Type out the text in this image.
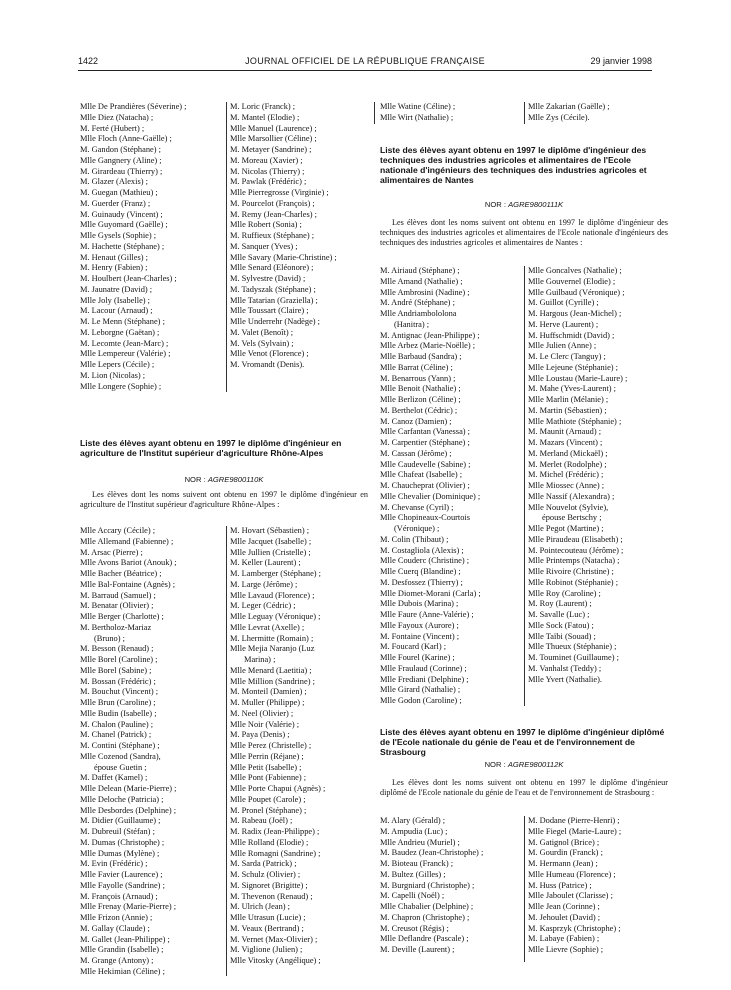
1422	JOURNAL OFFICIEL DE LA RÉPUBLIQUE FRANÇAISE	29 janvier 1998
Mlle De Prandières (Séverine) ;
Mlle Diez (Natacha) ;
M. Ferté (Hubert) ;
Mlle Floch (Anne-Gaëlle) ;
M. Gandon (Stéphane) ;
Mlle Gangnery (Aline) ;
M. Girardeau (Thierry) ;
M. Glazer (Alexis) ;
M. Guegan (Mathieu) ;
M. Guerder (Franz) ;
M. Guinaudy (Vincent) ;
Mlle Guyomard (Gaëlle) ;
Mlle Gysels (Sophie) ;
M. Hachette (Stéphane) ;
M. Henaut (Gilles) ;
M. Henry (Fabien) ;
M. Houlbert (Jean-Charles) ;
M. Jaunatre (David) ;
Mlle Joly (Isabelle) ;
M. Lacour (Arnaud) ;
M. Le Menn (Stéphane) ;
M. Leborgne (Gaëtan) ;
M. Lecomte (Jean-Marc) ;
Mlle Lempereur (Valérie) ;
Mlle Lepers (Cécile) ;
M. Lion (Nicolas) ;
Mlle Longere (Sophie) ;
M. Loric (Franck) ;
M. Mantel (Elodie) ;
Mlle Manuel (Laurence) ;
Mlle Marsollier (Céline) ;
M. Metayer (Sandrine) ;
M. Moreau (Xavier) ;
M. Nicolas (Thierry) ;
M. Pawlak (Frédéric) ;
Mlle Pierregrosse (Virginie) ;
M. Pourcelot (François) ;
M. Remy (Jean-Charles) ;
Mlle Robert (Sonia) ;
M. Ruffieux (Stéphane) ;
M. Sanquer (Yves) ;
Mlle Savary (Marie-Christine) ;
Mlle Senard (Eléonore) ;
M. Sylvestre (David) ;
M. Tadyszak (Stéphane) ;
Mlle Tatarian (Graziella) ;
Mlle Toussart (Claire) ;
Mlle Underrehr (Nadège) ;
M. Valet (Benoît) ;
M. Vels (Sylvain) ;
Mlle Venot (Florence) ;
M. Vromandt (Denis).
Mlle Watine (Céline) ;
Mlle Wirt (Nathalie) ;
Mlle Zakarian (Gaëlle) ;
Mlle Zys (Cécile).
Liste des élèves ayant obtenu en 1997 le diplôme d'ingénieur en agriculture de l'Institut supérieur d'agriculture Rhône-Alpes
NOR : AGRE9800110K
Les élèves dont les noms suivent ont obtenu en 1997 le diplôme d'ingénieur en agriculture de l'Institut supérieur d'agriculture Rhône-Alpes :
Mlle Accary (Cécile) ;
Mlle Allemand (Fabienne) ;
M. Arsac (Pierre) ;
Mlle Avons Bariot (Anouk) ;
Mlle Bacher (Béatrice) ;
Mlle Bal-Fontaine (Agnès) ;
M. Barraud (Samuel) ;
M. Benatar (Olivier) ;
Mlle Berger (Charlotte) ;
M. Bertholoz-Mariaz
(Bruno) ;
M. Besson (Renaud) ;
Mlle Borel (Caroline) ;
Mlle Borel (Sabine) ;
M. Bossan (Frédéric) ;
M. Bouchut (Vincent) ;
Mlle Brun (Caroline) ;
Mlle Budin (Isabelle) ;
M. Chalon (Pauline) ;
M. Chanel (Patrick) ;
M. Contini (Stéphane) ;
Mlle Cozenod (Sandra),
épouse Guetin ;
M. Daffet (Kamel) ;
Mlle Delean (Marie-Pierre) ;
Mlle Deloche (Patricia) ;
Mlle Desbordes (Delphine) ;
M. Didier (Guillaume) ;
M. Dubreuil (Stéfan) ;
M. Dumas (Christophe) ;
Mlle Dumas (Mylène) ;
M. Evin (Frédéric) ;
Mlle Favier (Laurence) ;
Mlle Fayolle (Sandrine) ;
M. François (Arnaud) ;
Mlle Frenay (Marie-Pierre) ;
Mlle Frizon (Annie) ;
M. Gallay (Claude) ;
M. Gallet (Jean-Philippe) ;
Mlle Grandin (Isabelle) ;
M. Grange (Antony) ;
Mlle Hekimian (Céline) ;
M. Hovart (Sébastien) ;
Mlle Jacquet (Isabelle) ;
Mlle Jullien (Cristelle) ;
M. Keller (Laurent) ;
M. Lamberger (Stéphane) ;
M. Large (Jérôme) ;
Mlle Lavaud (Florence) ;
M. Leger (Cédric) ;
Mlle Leguay (Véronique) ;
Mlle Levrat (Axelle) ;
M. Lhermitte (Romain) ;
Mlle Mejia Naranjo (Luz
Marina) ;
Mlle Menard (Laetitia) ;
Mlle Million (Sandrine) ;
M. Monteil (Damien) ;
M. Muller (Philippe) ;
M. Neel (Olivier) ;
Mlle Noir (Valérie) ;
M. Paya (Denis) ;
Mlle Perez (Christelle) ;
Mlle Perrin (Réjane) ;
Mlle Petit (Isabelle) ;
Mlle Pont (Fabienne) ;
Mlle Porte Chapui (Agnès) ;
Mlle Poupet (Carole) ;
M. Pronel (Stéphane) ;
M. Rabeau (Joël) ;
M. Radix (Jean-Philippe) ;
Mlle Rolland (Elodie) ;
Mlle Romagni (Sandrine) ;
M. Sarda (Patrick) ;
M. Schulz (Olivier) ;
M. Signoret (Brigitte) ;
M. Thevenon (Renaud) ;
M. Ulrich (Jean) ;
Mlle Utrasun (Lucie) ;
M. Veaux (Bertrand) ;
M. Vernet (Max-Olivier) ;
M. Viglione (Julien) ;
Mlle Vitosky (Angélique) ;
Liste des élèves ayant obtenu en 1997 le diplôme d'ingénieur des techniques des industries agricoles et alimentaires de l'Ecole nationale d'ingénieurs des techniques des industries agricoles et alimentaires de Nantes
NOR : AGRE9800111K
Les élèves dont les noms suivent ont obtenu en 1997 le diplôme d'ingénieur des techniques des industries agricoles et alimentaires de l'Ecole nationale d'ingénieurs des techniques des industries agricoles et alimentaires de Nantes :
M. Airiaud (Stéphane) ;
Mlle Amand (Nathalie) ;
Mlle Ambrosini (Nadine) ;
M. André (Stéphane) ;
Mlle Andriambololona
(Hanitra) ;
M. Antignac (Jean-Philippe) ;
Mlle Arbez (Marie-Noëlle) ;
Mlle Barbaud (Sandra) ;
Mlle Barrat (Céline) ;
M. Benarrous (Yann) ;
Mlle Benoit (Nathalie) ;
Mlle Berlizon (Céline) ;
M. Berthelot (Cédric) ;
M. Canoz (Damien) ;
Mlle Carfantan (Vanessa) ;
M. Carpentier (Stéphane) ;
M. Cassan (Jérôme) ;
Mlle Caudevelle (Sabine) ;
Mlle Chafeat (Isabelle) ;
M. Chaucheprat (Olivier) ;
Mlle Chevalier (Dominique) ;
M. Chevanse (Cyril) ;
Mlle Chopineaux-Courtois
(Véronique) ;
M. Colin (Thibaut) ;
M. Costagliola (Alexis) ;
Mlle Couderc (Christine) ;
Mlle Cuerq (Blandine) ;
M. Desfossez (Thierry) ;
Mlle Diomet-Morani (Carla) ;
Mlle Dubois (Marina) ;
Mlle Faure (Anne-Valérie) ;
Mlle Fayoux (Aurore) ;
M. Fontaine (Vincent) ;
M. Foucard (Karl) ;
Mlle Fourel (Karine) ;
Mlle Fraulaud (Corinne) ;
Mlle Frediani (Delphine) ;
Mlle Girard (Nathalie) ;
Mlle Godon (Caroline) ;
Mlle Goncalves (Nathalie) ;
Mlle Gouvernel (Elodie) ;
Mlle Guilbaud (Véronique) ;
M. Guillot (Cyrille) ;
M. Hargous (Jean-Michel) ;
M. Herve (Laurent) ;
M. Huffschmidt (David) ;
Mlle Julien (Anne) ;
M. Le Clerc (Tanguy) ;
Mlle Lejeune (Stéphanie) ;
Mlle Loustau (Marie-Laure) ;
M. Mahe (Yves-Laurent) ;
Mlle Marlin (Mélanie) ;
M. Martin (Sébastien) ;
Mlle Mathiote (Stéphanie) ;
M. Maunit (Arnaud) ;
M. Mazars (Vincent) ;
M. Merland (Mickaël) ;
M. Merlet (Rodolphe) ;
M. Michel (Frédéric) ;
Mlle Miossec (Anne) ;
Mlle Nassif (Alexandra) ;
Mlle Nouvelot (Sylvie),
épouse Bertschy ;
Mlle Pegot (Martine) ;
Mlle Piraudeau (Elisabeth) ;
M. Pointecouteau (Jérôme) ;
Mlle Printemps (Natacha) ;
Mlle Rivoire (Christine) ;
Mlle Robinot (Stéphanie) ;
Mlle Roy (Caroline) ;
M. Roy (Laurent) ;
M. Savalle (Luc) ;
Mlle Sock (Fatou) ;
Mlle Taïbi (Souad) ;
Mlle Thueux (Stéphanie) ;
M. Touminet (Guillaume) ;
M. Vanhalst (Teddy) ;
Mlle Yvert (Nathalie).
Liste des élèves ayant obtenu en 1997 le diplôme d'ingénieur diplômé de l'Ecole nationale du génie de l'eau et de l'environnement de Strasbourg
NOR : AGRE9800112K
Les élèves dont les noms suivent ont obtenu en 1997 le diplôme d'ingénieur diplômé de l'Ecole nationale du génie de l'eau et de l'environnement de Strasbourg :
M. Alary (Gérald) ;
M. Ampudia (Luc) ;
Mlle Andrieu (Muriel) ;
M. Baudez (Jean-Christophe) ;
M. Bioteau (Franck) ;
M. Bultez (Gilles) ;
M. Burgniard (Christophe) ;
M. Capelli (Noël) ;
Mlle Chabalier (Delphine) ;
M. Chapron (Christophe) ;
M. Creusot (Régis) ;
Mlle Deflandre (Pascale) ;
M. Deville (Laurent) ;
M. Dodane (Pierre-Henri) ;
Mlle Fiegel (Marie-Laure) ;
M. Gatignol (Brice) ;
M. Gourdin (Franck) ;
M. Hermann (Jean) ;
Mlle Humeau (Florence) ;
M. Huss (Patrice) ;
Mlle Jaboulet (Clarisse) ;
Mlle Jean (Corinne) ;
M. Jehoulet (David) ;
M. Kasprzyk (Christophe) ;
M. Labaye (Fabien) ;
Mlle Lievre (Sophie) ;
